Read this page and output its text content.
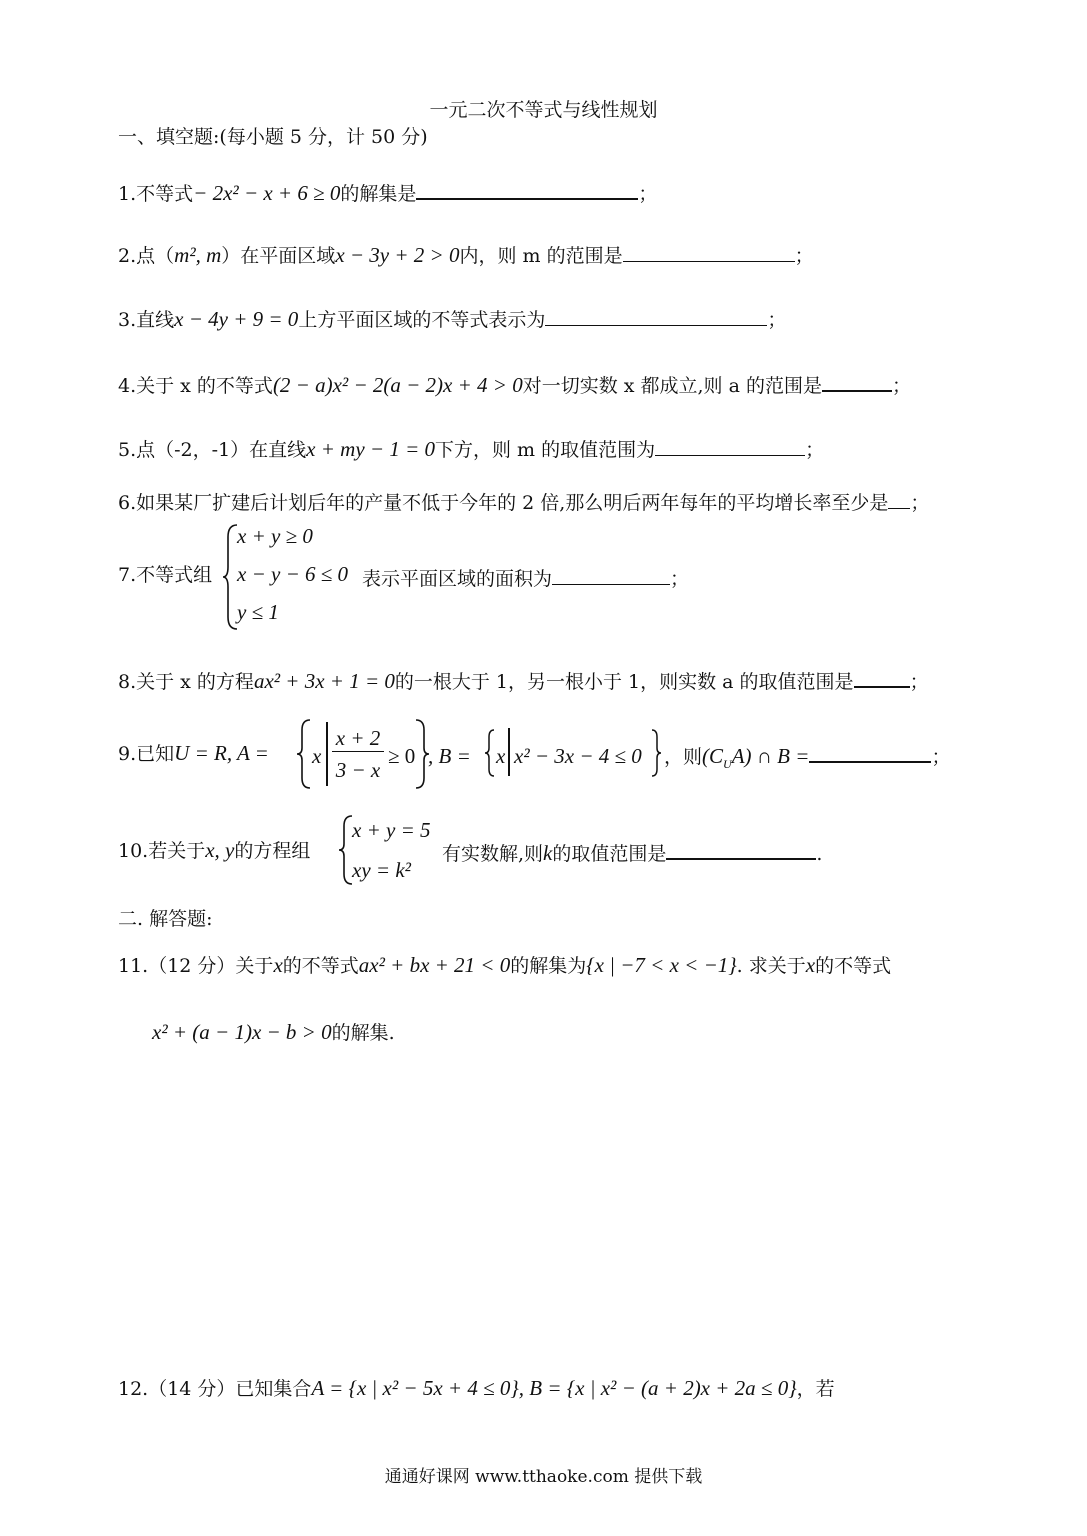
一元二次不等式与线性规划
一、填空题:(每小题 5 分，计 50 分)
1.不等式− 2x² − x + 6 ≥ 0的解集是	；
2.点（m², m）在平面区域x − 3y + 2 > 0内，则 m 的范围是	；
3.直线x − 4y + 9 = 0上方平面区域的不等式表示为	；
4.关于 x 的不等式(2 − a)x² − 2(a − 2)x + 4 > 0对一切实数 x 都成立,则 a 的范围是	；
5.点（-2，-1）在直线x + my − 1 = 0下方，则 m 的取值范围为	；
6.如果某厂扩建后计划后年的产量不低于今年的 2 倍,那么明后两年每年的平均增长率至少是 ；
7.不等式组
x + y ≥ 0
x − y − 6 ≤ 0
y ≤ 1
表示平面区域的面积为	；
8.关于 x 的方程ax² + 3x + 1 = 0的一根大于 1，另一根小于 1，则实数 a 的取值范围是	；
9.已知U = R, A = x
x + 2
3 − x
≥ 0 , B = x x² − 3x − 4 ≤ 0 ，则$(C_UA)$ ∩ B =	；
10.若关于x, y的方程组
x + y = 5
xy = k²
有实数解,则k的取值范围是	.
二. 解答题:
11.（12 分）关于x的不等式ax² + bx + 21 < 0的解集为{x | −7 < x < −1}. 求关于x的不等式
x² + (a − 1)x − b > 0的解集.
12.（14 分）已知集合A = {x | x² − 5x + 4 ≤ 0}, B = {x | x² − (a + 2)x + 2a ≤ 0}，若
通通好课网 www.tthaoke.com 提供下载
